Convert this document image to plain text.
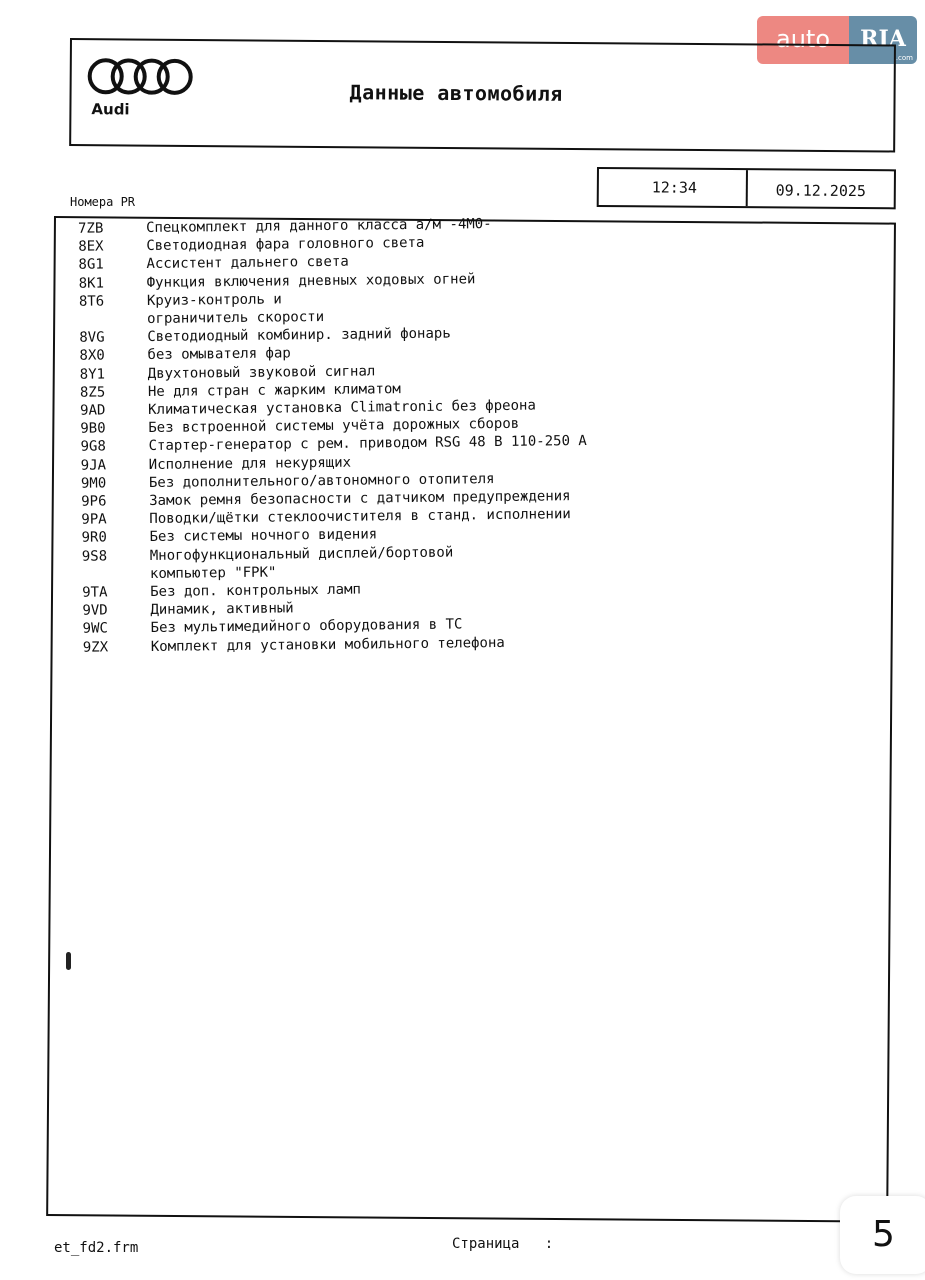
auto	RIA
.com
Audi
Данные автомобиля
12:34	09.12.2025
Номера PR
7ZB	Спецкомплект для данного класса а/м -4M0-
8EX	Светодиодная фара головного света
8G1	Ассистент дальнего света
8K1	Функция включения дневных ходовых огней
8T6	Круиз-контроль и
ограничитель скорости
8VG	Светодиодный комбинир. задний фонарь
8X0	без омывателя фар
8Y1	Двухтоновый звуковой сигнал
8Z5	Не для стран с жарким климатом
9AD	Климатическая установка Climatronic без фреона
9B0	Без встроенной системы учёта дорожных сборов
9G8	Стартер-генератор с рем. приводом RSG 48 В 110-250 А
9JA	Исполнение для некурящих
9M0	Без дополнительного/автономного отопителя
9P6	Замок ремня безопасности с датчиком предупреждения
9PA	Поводки/щётки стеклоочистителя в станд. исполнении
9R0	Без системы ночного видения
9S8	Многофункциональный дисплей/бортовой
компьютер "FPK"
9TA	Без доп. контрольных ламп
9VD	Динамик, активный
9WC	Без мультимедийного оборудования в ТС
9ZX	Комплект для установки мобильного телефона
et_fd2.frm	Страница   :	5
